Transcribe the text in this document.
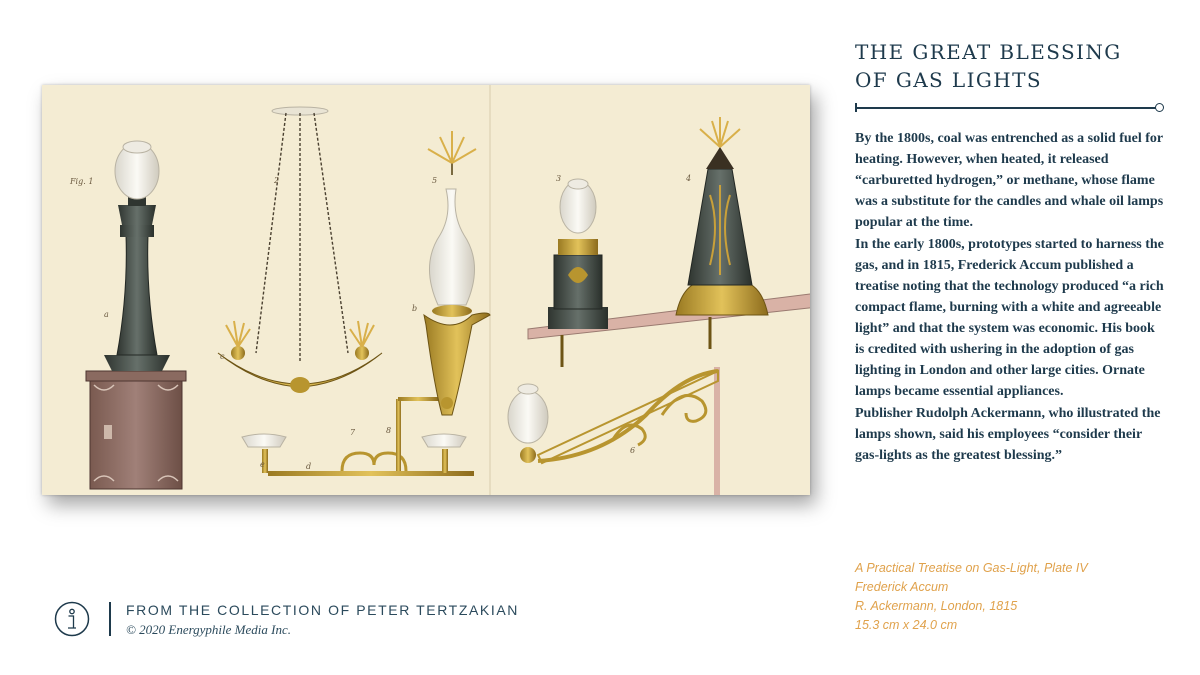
Fig. 1	2	3	4
5
6
7	8
a
b
c
d
e
THE GREAT BLESSING
OF GAS LIGHTS

By the 1800s, coal was entrenched as a solid fuel for heating. However, when heated, it released “carburetted hydrogen,” or methane, whose flame was a substitute for the candles and whale oil lamps popular at the time.

In the early 1800s, prototypes started to harness the gas, and in 1815, Frederick Accum published a treatise noting that the technology produced “a rich compact flame, burning with a white and agreeable light” and that the system was economic. His book is credited with ushering in the adoption of gas lighting in London and other large cities. Ornate lamps became essential appliances.

Publisher Rudolph Ackermann, who illustrated the lamps shown, said his employees “consider their gas-lights as the greatest blessing.”

A Practical Treatise on Gas-Light, Plate IV
Frederick Accum
R. Ackermann, London, 1815
15.3 cm x 24.0 cm
FROM THE COLLECTION OF PETER TERTZAKIAN
© 2020 Energyphile Media Inc.
